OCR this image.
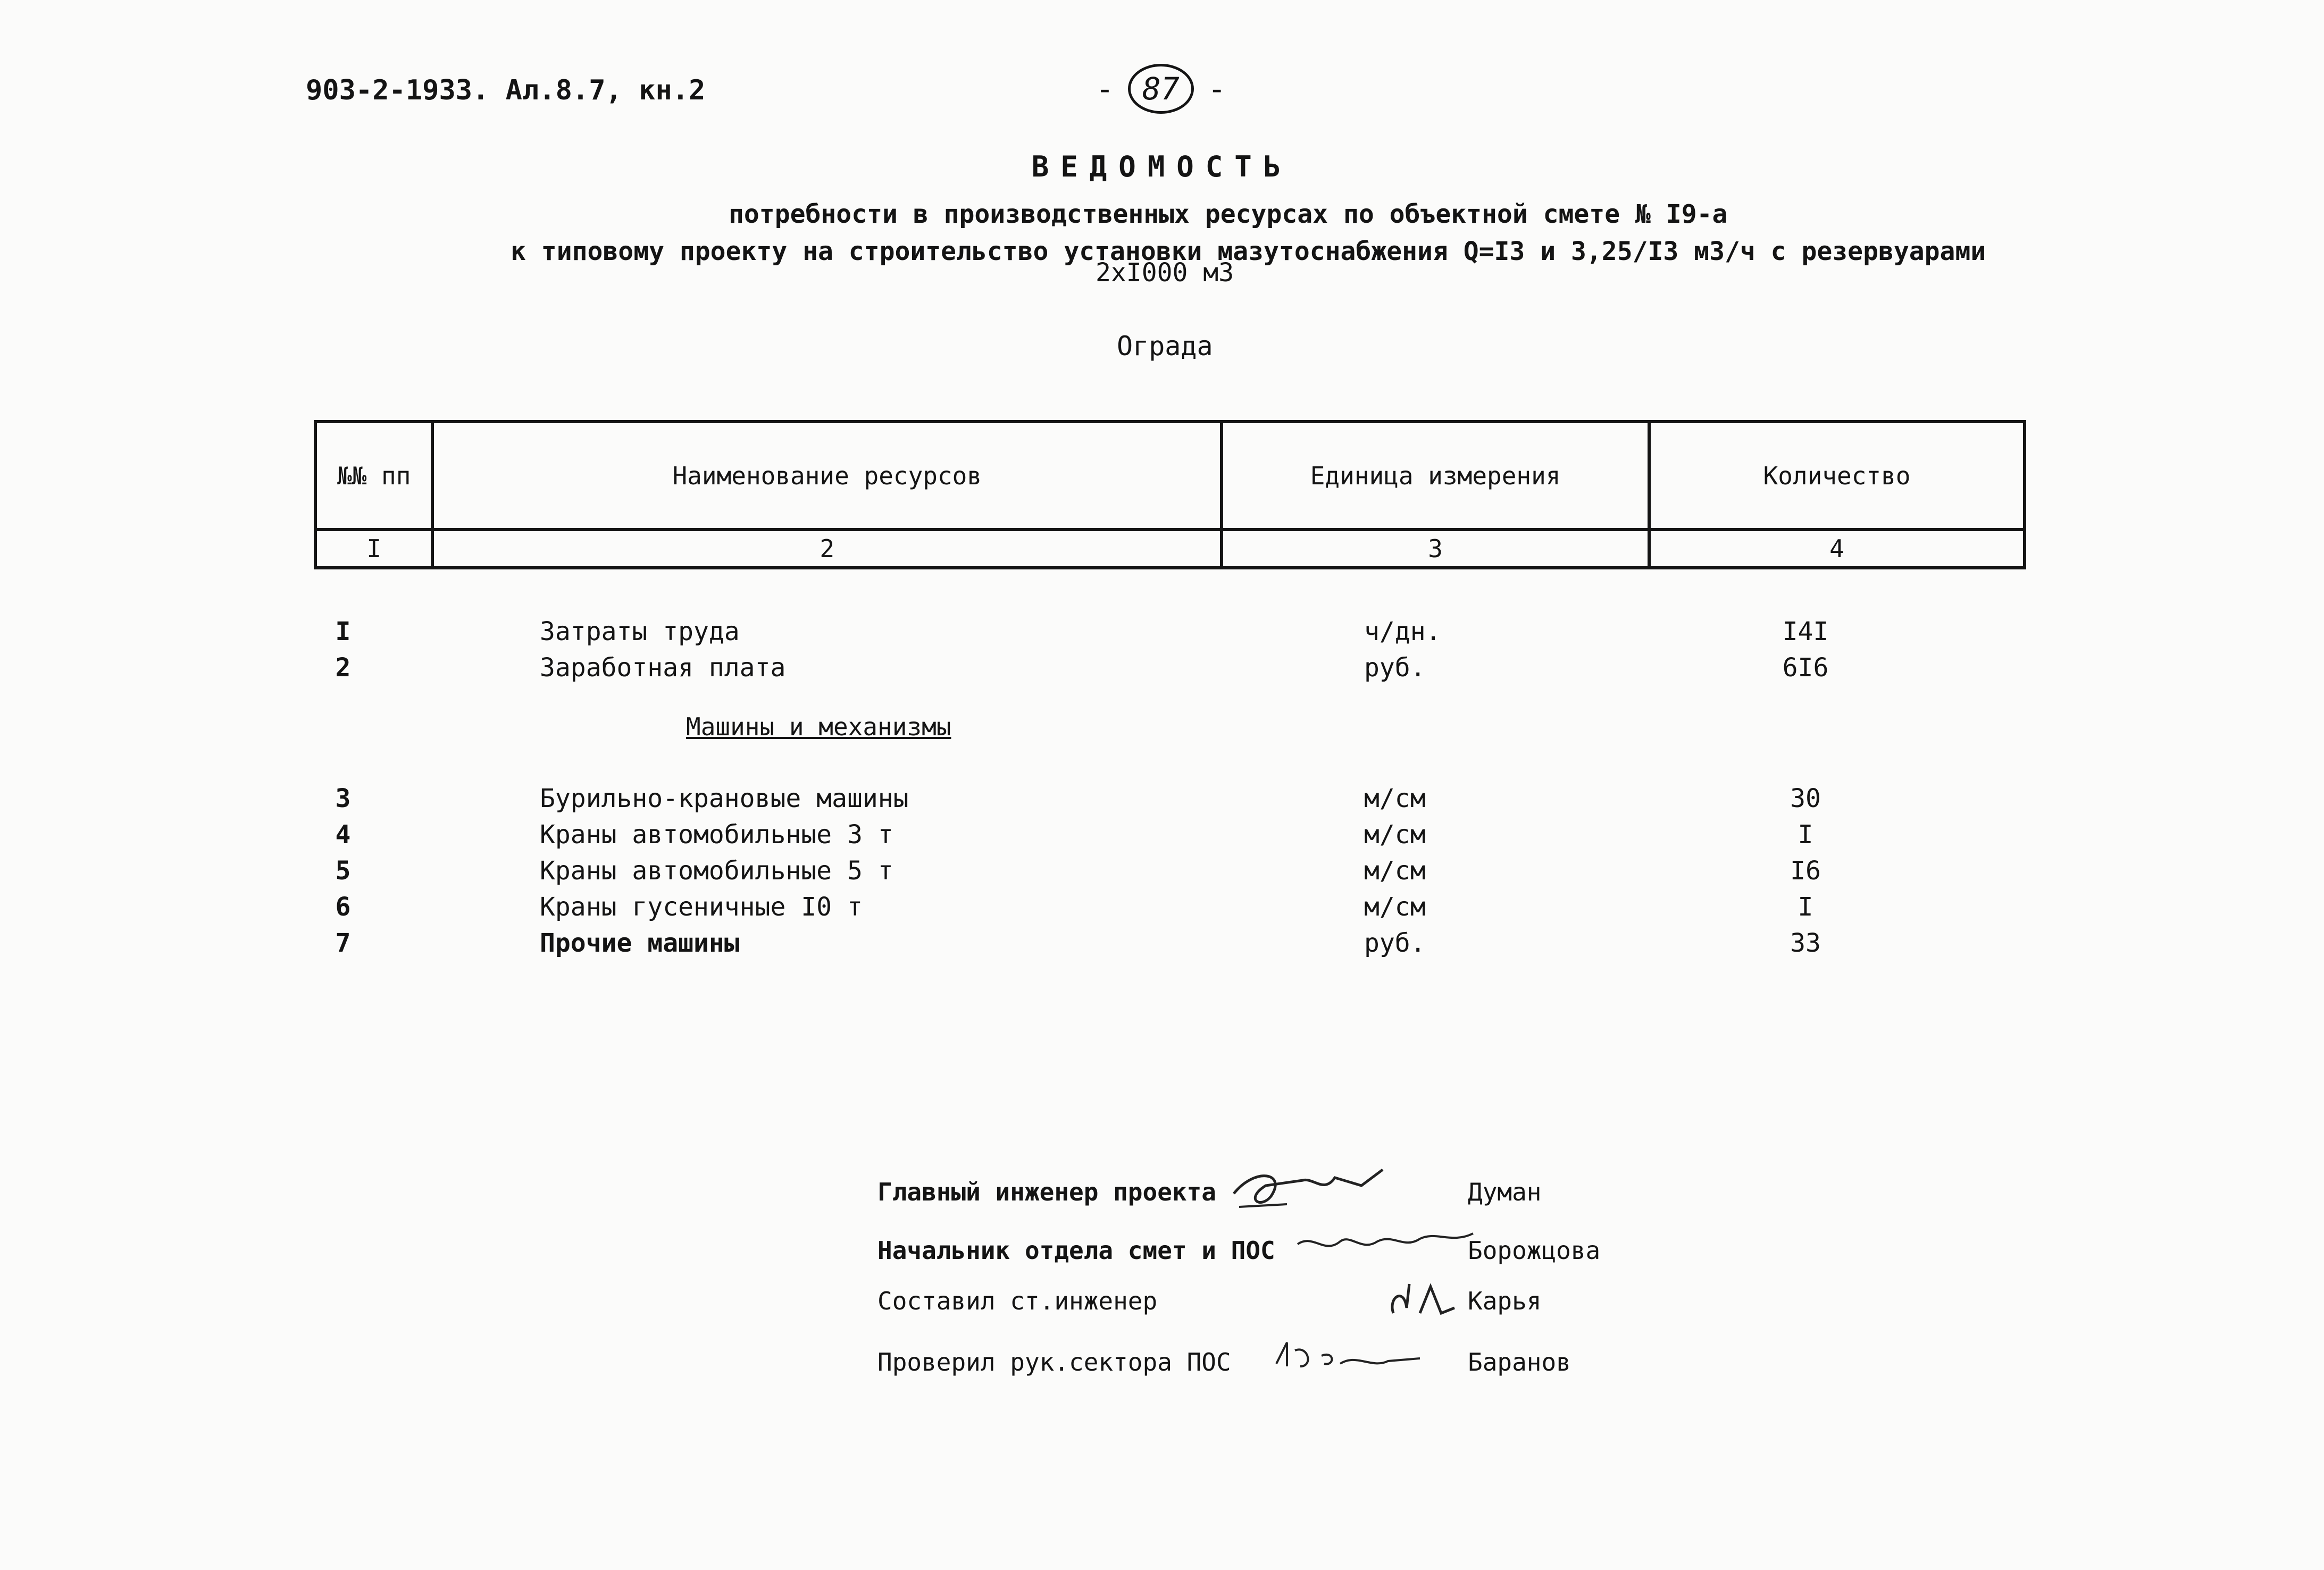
903-2-1933. Ал.8.7, кн.2	- 87 -
ВЕДОМОСТЬ
потребности в производственных ресурсах по объектной смете № I9-а
к типовому проекту на строительство установки мазутоснабжения Q=I3 и 3,25/I3 м3/ч с резервуарами
2хI000 м3
Ограда
№№ пп	Наименование ресурсов	Единица измерения	Количество
I	2	3	4
I	Затраты труда	ч/дн.	I4I
2	Заработная плата	руб.	6I6
Машины и механизмы
3	Бурильно-крановые машины	м/см	30
4	Краны автомобильные 3 т	м/см	I
5	Краны автомобильные 5 т	м/см	I6
6	Краны гусеничные I0 т	м/см	I
7	Прочие машины	руб.	33
Главный инженер проекта	Думан
Начальник отдела смет и ПОС	Борожцова
Составил ст.инженер	Карья
Проверил рук.сектора ПОС	Баранов
